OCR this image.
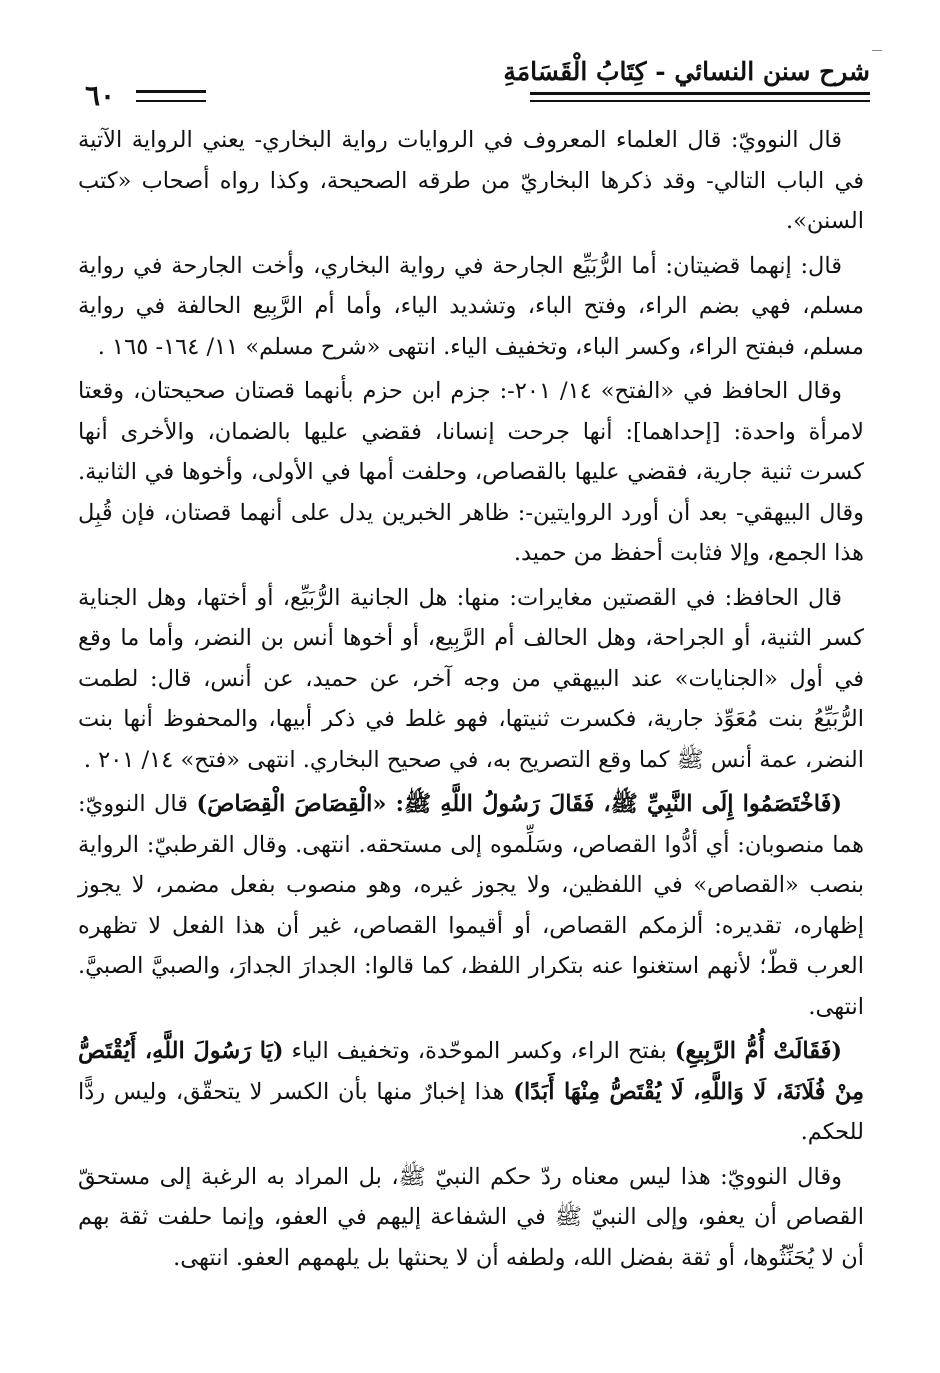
٦٠
شرح سنن النسائي - كِتَابُ الْقَسَامَةِ

قال النوويّ: قال العلماء المعروف في الروايات رواية البخاري- يعني الرواية الآتية في الباب التالي- وقد ذكرها البخاريّ من طرقه الصحيحة، وكذا رواه أصحاب «كتب السنن».

قال: إنهما قضيتان: أما الرُّبَيِّع الجارحة في رواية البخاري، وأخت الجارحة في رواية مسلم، فهي بضم الراء، وفتح الباء، وتشديد الياء، وأما أم الرَّبِيع الحالفة في رواية مسلم، فبفتح الراء، وكسر الباء، وتخفيف الياء. انتهى «شرح مسلم» ١١/ ١٦٤- ١٦٥ .

وقال الحافظ في «الفتح» ١٤/ ٢٠١-: جزم ابن حزم بأنهما قصتان صحيحتان، وقعتا لامرأة واحدة: [إحداهما]: أنها جرحت إنسانا، فقضي عليها بالضمان، والأخرى أنها كسرت ثنية جارية، فقضي عليها بالقصاص، وحلفت أمها في الأولى، وأخوها في الثانية. وقال البيهقي- بعد أن أورد الروايتين-: ظاهر الخبرين يدل على أنهما قصتان، فإن قُبِل هذا الجمع، وإلا فثابت أحفظ من حميد.

قال الحافظ: في القصتين مغايرات: منها: هل الجانية الرُّبَيِّع، أو أختها، وهل الجناية كسر الثنية، أو الجراحة، وهل الحالف أم الرَّبِيع، أو أخوها أنس بن النضر، وأما ما وقع في أول «الجنايات» عند البيهقي من وجه آخر، عن حميد، عن أنس، قال: لطمت الرُّبَيِّعُ بنت مُعَوِّذ جارية، فكسرت ثنيتها، فهو غلط في ذكر أبيها، والمحفوظ أنها بنت النضر، عمة أنس ﷺ كما وقع التصريح به، في صحيح البخاري. انتهى «فتح» ١٤/ ٢٠١ .

(فَاخْتَصَمُوا إِلَى النَّبِيِّ ﷺ، فَقَالَ رَسُولُ اللَّهِ ﷺ: «الْقِصَاصَ الْقِصَاصَ) قال النوويّ: هما منصوبان: أي أدُّوا القصاص، وسَلِّموه إلى مستحقه. انتهى. وقال القرطبيّ: الرواية بنصب «القصاص» في اللفظين، ولا يجوز غيره، وهو منصوب بفعل مضمر، لا يجوز إظهاره، تقديره: ألزمكم القصاص، أو أقيموا القصاص، غير أن هذا الفعل لا تظهره العرب قطّ؛ لأنهم استغنوا عنه بتكرار اللفظ، كما قالوا: الجدارَ الجدارَ، والصبيَّ الصبيَّ. انتهى.

(فَقَالَتْ أُمُّ الرَّبِيعِ) بفتح الراء، وكسر الموحّدة، وتخفيف الياء (يَا رَسُولَ اللَّهِ، أَيُقْتَصُّ مِنْ فُلَانَةَ، لَا وَاللَّهِ، لَا يُقْتَصُّ مِنْهَا أَبَدًا) هذا إخبارٌ منها بأن الكسر لا يتحقّق، وليس ردًّا للحكم.

وقال النوويّ: هذا ليس معناه ردّ حكم النبيّ ﷺ، بل المراد به الرغبة إلى مستحقّ القصاص أن يعفو، وإلى النبيّ ﷺ في الشفاعة إليهم في العفو، وإنما حلفت ثقة بهم أن لا يُحَنِّثُوها، أو ثقة بفضل الله، ولطفه أن لا يحنثها بل يلهمهم العفو. انتهى.
